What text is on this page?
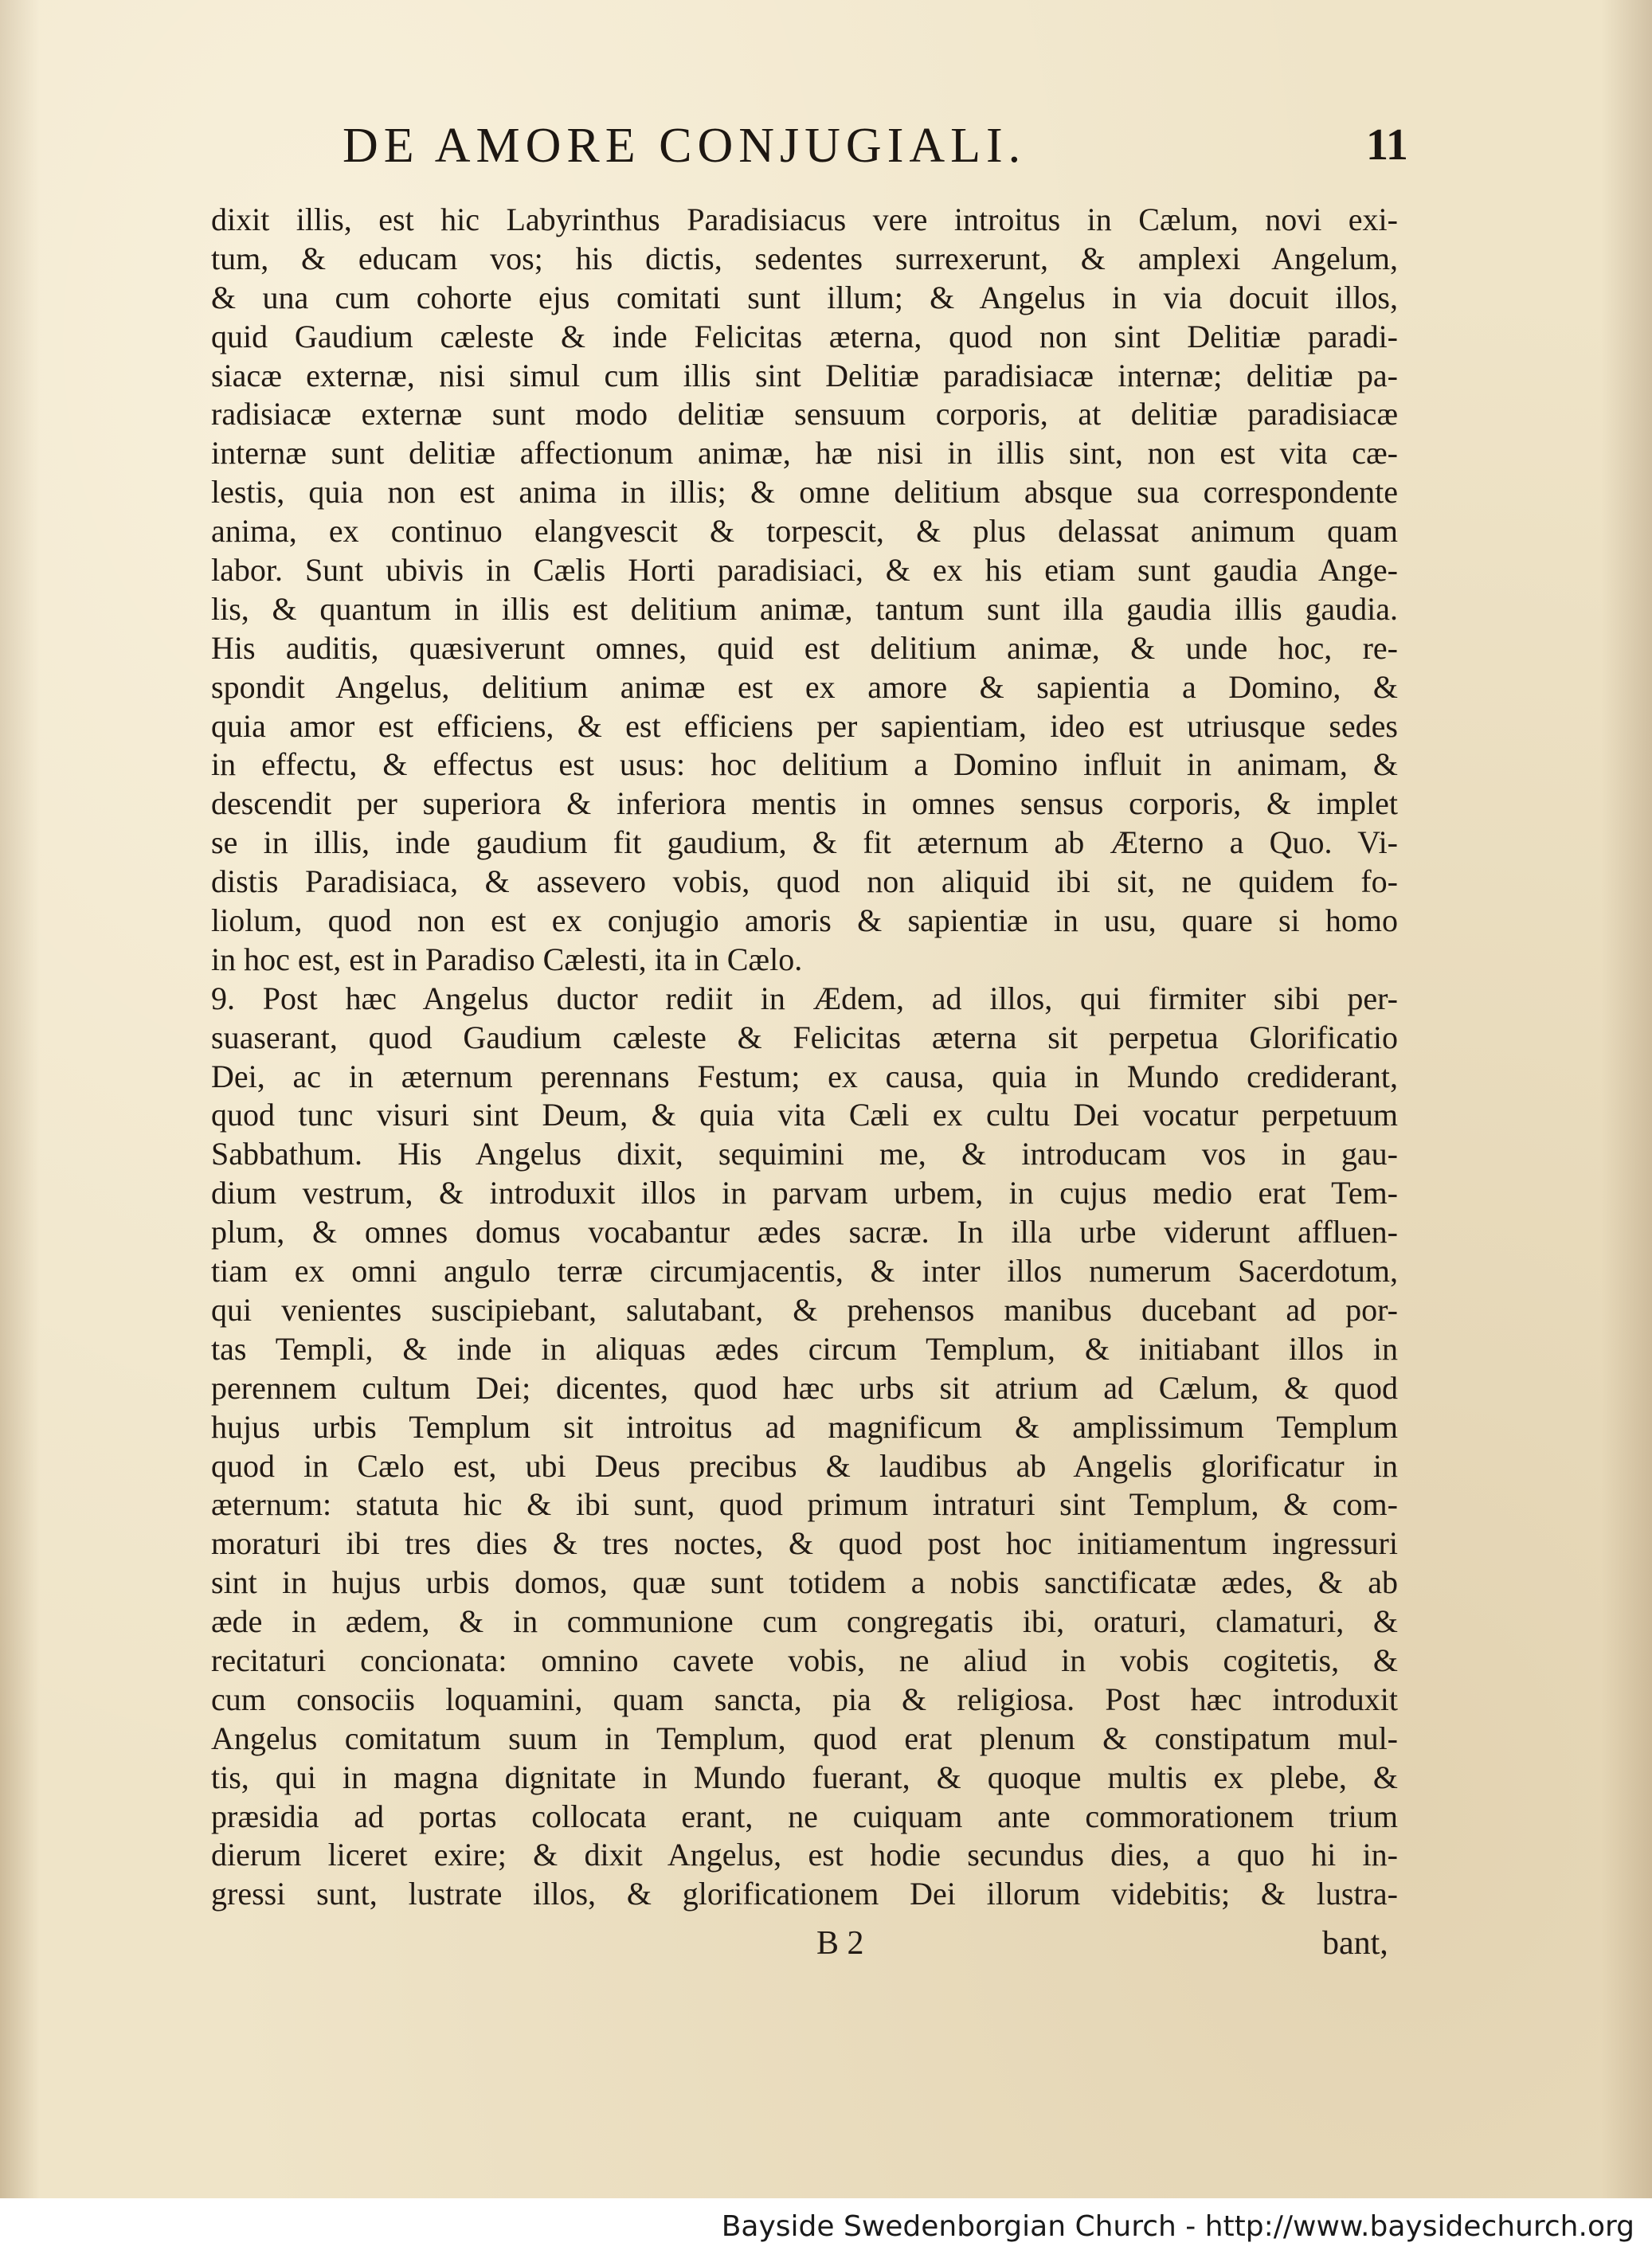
DE AMORE CONJUGIALI.	11
dixit illis, est hic Labyrinthus Paradisiacus vere introitus in Cælum, novi exi-
tum, & educam vos; his dictis, sedentes surrexerunt, & amplexi Angelum,
& una cum cohorte ejus comitati sunt illum; & Angelus in via docuit illos,
quid Gaudium cæleste & inde Felicitas æterna, quod non sint Delitiæ paradi-
siacæ externæ, nisi simul cum illis sint Delitiæ paradisiacæ internæ; delitiæ pa-
radisiacæ externæ sunt modo delitiæ sensuum corporis, at delitiæ paradisiacæ
internæ sunt delitiæ affectionum animæ, hæ nisi in illis sint, non est vita cæ-
lestis, quia non est anima in illis; & omne delitium absque sua correspondente
anima, ex continuo elangvescit & torpescit, & plus delassat animum quam
labor. Sunt ubivis in Cælis Horti paradisiaci, & ex his etiam sunt gaudia Ange-
lis, & quantum in illis est delitium animæ, tantum sunt illa gaudia illis gaudia.
His auditis, quæsiverunt omnes, quid est delitium animæ, & unde hoc, re-
spondit Angelus, delitium animæ est ex amore & sapientia a Domino, &
quia amor est efficiens, & est efficiens per sapientiam, ideo est utriusque sedes
in effectu, & effectus est usus: hoc delitium a Domino influit in animam, &
descendit per superiora & inferiora mentis in omnes sensus corporis, & implet
se in illis, inde gaudium fit gaudium, & fit æternum ab Æterno a Quo. Vi-
distis Paradisiaca, & assevero vobis, quod non aliquid ibi sit, ne quidem fo-
liolum, quod non est ex conjugio amoris & sapientiæ in usu, quare si homo
in hoc est, est in Paradiso Cælesti, ita in Cælo.
9. Post hæc Angelus ductor rediit in Ædem, ad illos, qui firmiter sibi per-
suaserant, quod Gaudium cæleste & Felicitas æterna sit perpetua Glorificatio
Dei, ac in æternum perennans Festum; ex causa, quia in Mundo crediderant,
quod tunc visuri sint Deum, & quia vita Cæli ex cultu Dei vocatur perpetuum
Sabbathum. His Angelus dixit, sequimini me, & introducam vos in gau-
dium vestrum, & introduxit illos in parvam urbem, in cujus medio erat Tem-
plum, & omnes domus vocabantur ædes sacræ. In illa urbe viderunt affluen-
tiam ex omni angulo terræ circumjacentis, & inter illos numerum Sacerdotum,
qui venientes suscipiebant, salutabant, & prehensos manibus ducebant ad por-
tas Templi, & inde in aliquas ædes circum Templum, & initiabant illos in
perennem cultum Dei; dicentes, quod hæc urbs sit atrium ad Cælum, & quod
hujus urbis Templum sit introitus ad magnificum & amplissimum Templum
quod in Cælo est, ubi Deus precibus & laudibus ab Angelis glorificatur in
æternum: statuta hic & ibi sunt, quod primum intraturi sint Templum, & com-
moraturi ibi tres dies & tres noctes, & quod post hoc initiamentum ingressuri
sint in hujus urbis domos, quæ sunt totidem a nobis sanctificatæ ædes, & ab
æde in ædem, & in communione cum congregatis ibi, oraturi, clamaturi, &
recitaturi concionata: omnino cavete vobis, ne aliud in vobis cogitetis, &
cum consociis loquamini, quam sancta, pia & religiosa. Post hæc introduxit
Angelus comitatum suum in Templum, quod erat plenum & constipatum mul-
tis, qui in magna dignitate in Mundo fuerant, & quoque multis ex plebe, &
præsidia ad portas collocata erant, ne cuiquam ante commorationem trium
dierum liceret exire; & dixit Angelus, est hodie secundus dies, a quo hi in-
gressi sunt, lustrate illos, & glorificationem Dei illorum videbitis; & lustra-
B 2	bant,
Bayside Swedenborgian Church - http://www.baysidechurch.org
